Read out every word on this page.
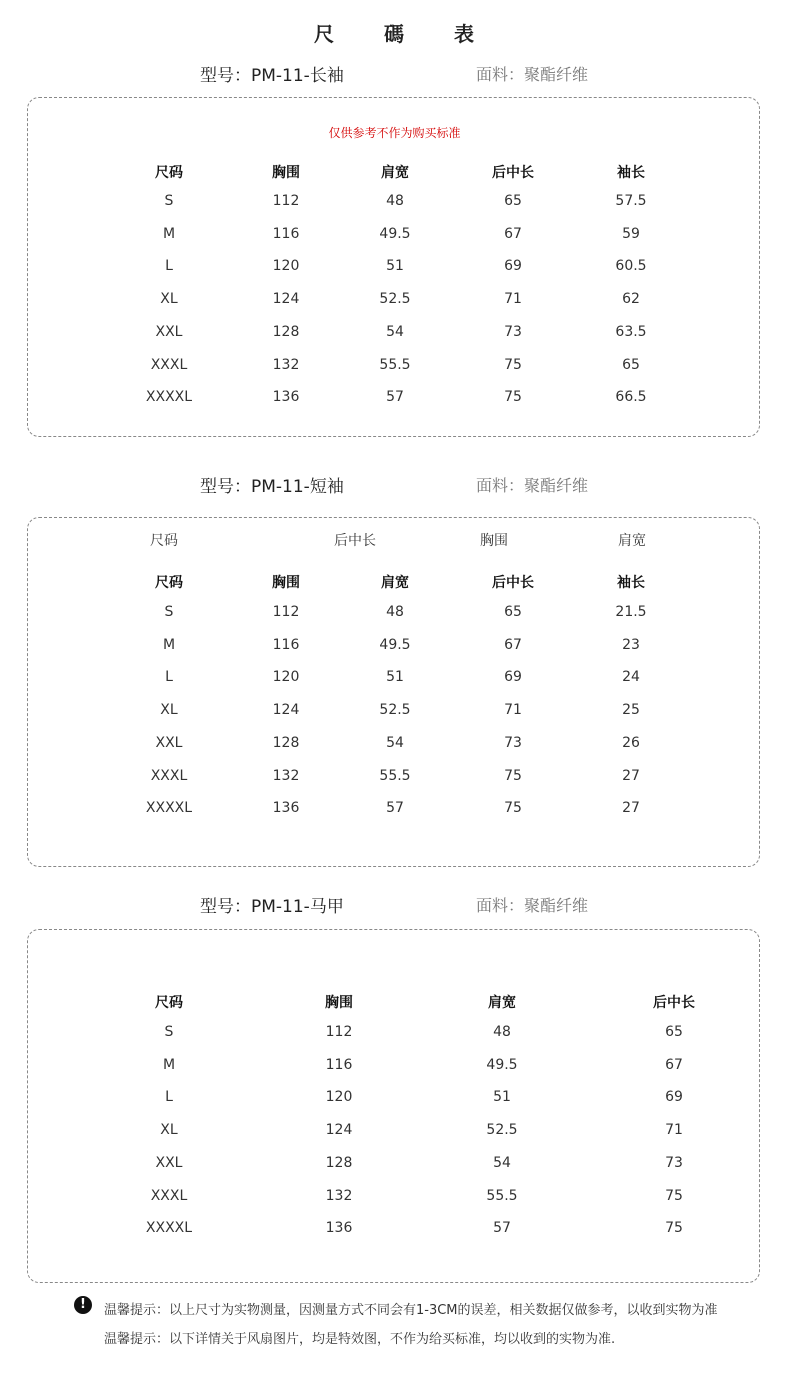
尺 碼 表
型号：PM-11-长袖	面料：聚酯纤维
仅供参考不作为购买标准
尺码	胸围	肩宽	后中长	袖长
S	112	48	65	57.5
M	116	49.5	67	59
L	120	51	69	60.5
XL	124	52.5	71	62
XXL	128	54	73	63.5
XXXL	132	55.5	75	65
XXXXL	136	57	75	66.5
型号：PM-11-短袖	面料：聚酯纤维
尺码	后中长	胸围	肩宽
尺码	胸围	肩宽	后中长	袖长
S	112	48	65	21.5
M	116	49.5	67	23
L	120	51	69	24
XL	124	52.5	71	25
XXL	128	54	73	26
XXXL	132	55.5	75	27
XXXXL	136	57	75	27
型号：PM-11-马甲	面料：聚酯纤维
尺码	胸围	肩宽	后中长
S	112	48	65
M	116	49.5	67
L	120	51	69
XL	124	52.5	71
XXL	128	54	73
XXXL	132	55.5	75
XXXXL	136	57	75
!	温馨提示：以上尺寸为实物测量，因测量方式不同会有1-3CM的误差，相关数据仅做参考，以收到实物为准
温馨提示：以下详情关于风扇图片，均是特效图，不作为给买标准，均以收到的实物为准.
